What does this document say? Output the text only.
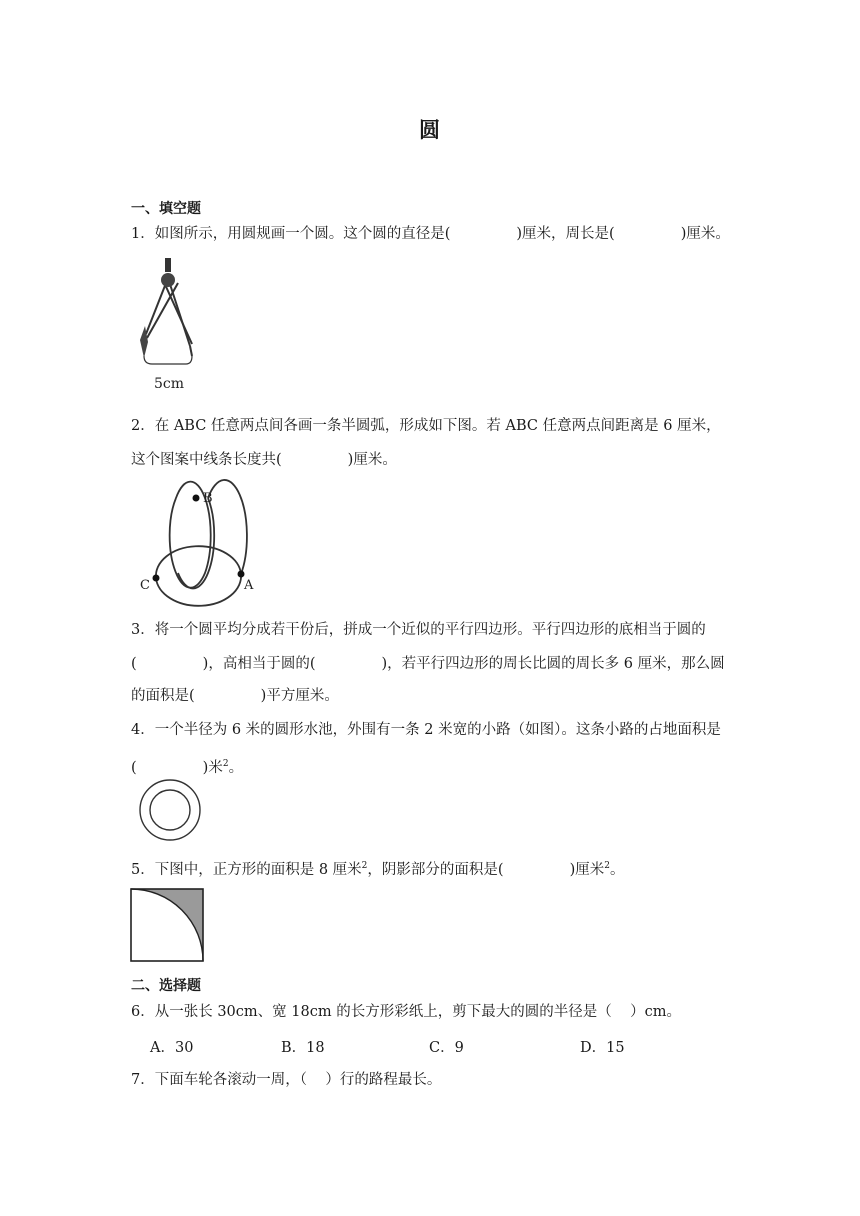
圆
一、填空题
1．如图所示，用圆规画一个圆。这个圆的直径是(	)厘米，周长是(	)厘米。
5cm
2．在 ABC 任意两点间各画一条半圆弧，形成如下图。若 ABC 任意两点间距离是 6 厘米，
这个图案中线条长度共(	)厘米。
B
C	A
3．将一个圆平均分成若干份后，拼成一个近似的平行四边形。平行四边形的底相当于圆的
(	)，高相当于圆的(	)，若平行四边形的周长比圆的周长多 6 厘米，那么圆
的面积是(	)平方厘米。
4．一个半径为 6 米的圆形水池，外围有一条 2 米宽的小路（如图）。这条小路的占地面积是
(	)米$^2$。
5．下图中，正方形的面积是 8 厘米$^2$，阴影部分的面积是(	)厘米$^2$。
二、选择题
6．从一张长 30cm、宽 18cm 的长方形彩纸上，剪下最大的圆的半径是（    ）cm。
A．30	B．18	C．9	D．15
7．下面车轮各滚动一周，（    ）行的路程最长。
